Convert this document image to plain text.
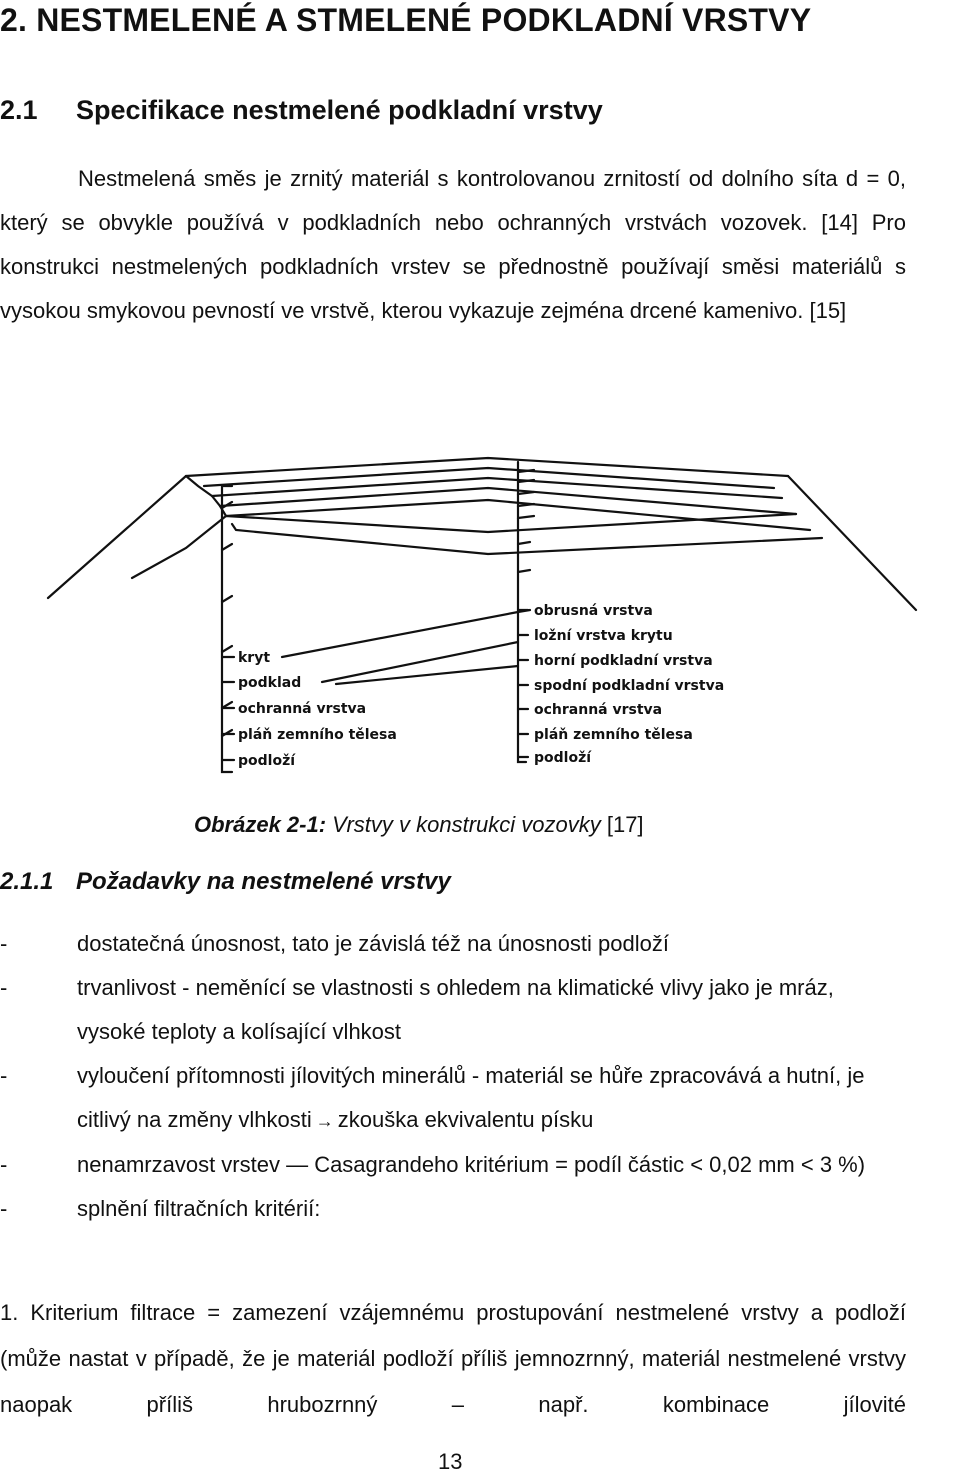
2. NESTMELENÉ A STMELENÉ PODKLADNÍ VRSTVY
2.1 Specifikace nestmelené podkladní vrstvy
Nestmelená směs je zrnitý materiál s kontrolovanou zrnitostí od dolního síta d = 0, který se obvykle používá v podkladních nebo ochranných vrstvách vozovek. [14] Pro konstrukci nestmelených podkladních vrstev se přednostně používají směsi materiálů s vysokou smykovou pevností ve vrstvě, kterou vykazuje zejména drcené kamenivo. [15]
kryt
podklad
ochranná vrstva
pláň zemního tělesa
podloží
obrusná vrstva
ložní vrstva krytu
horní podkladní vrstva
spodní podkladní vrstva
ochranná vrstva
pláň zemního tělesa
podloží
Obrázek 2-1: Vrstvy v konstrukci vozovky [17]
2.1.1 Požadavky na nestmelené vrstvy
-	dostatečná únosnost, tato je závislá též na únosnosti podloží
-	trvanlivost - neměnící se vlastnosti s ohledem na klimatické vlivy jako je mráz, vysoké teploty a kolísající vlhkost
-	vyloučení přítomnosti jílovitých minerálů - materiál se hůře zpracovává a hutní, je citlivý na změny vlhkosti → zkouška ekvivalentu písku
-	nenamrzavost vrstev — Casagrandeho kritérium = podíl částic < 0,02 mm < 3 %)
-	splnění filtračních kritérií:
1. Kriterium filtrace = zamezení vzájemnému prostupování nestmelené vrstvy a podloží (může nastat v případě, že je materiál podloží příliš jemnozrnný, materiál nestmelené vrstvy naopak příliš hrubozrnný – např. kombinace jílovité
13
